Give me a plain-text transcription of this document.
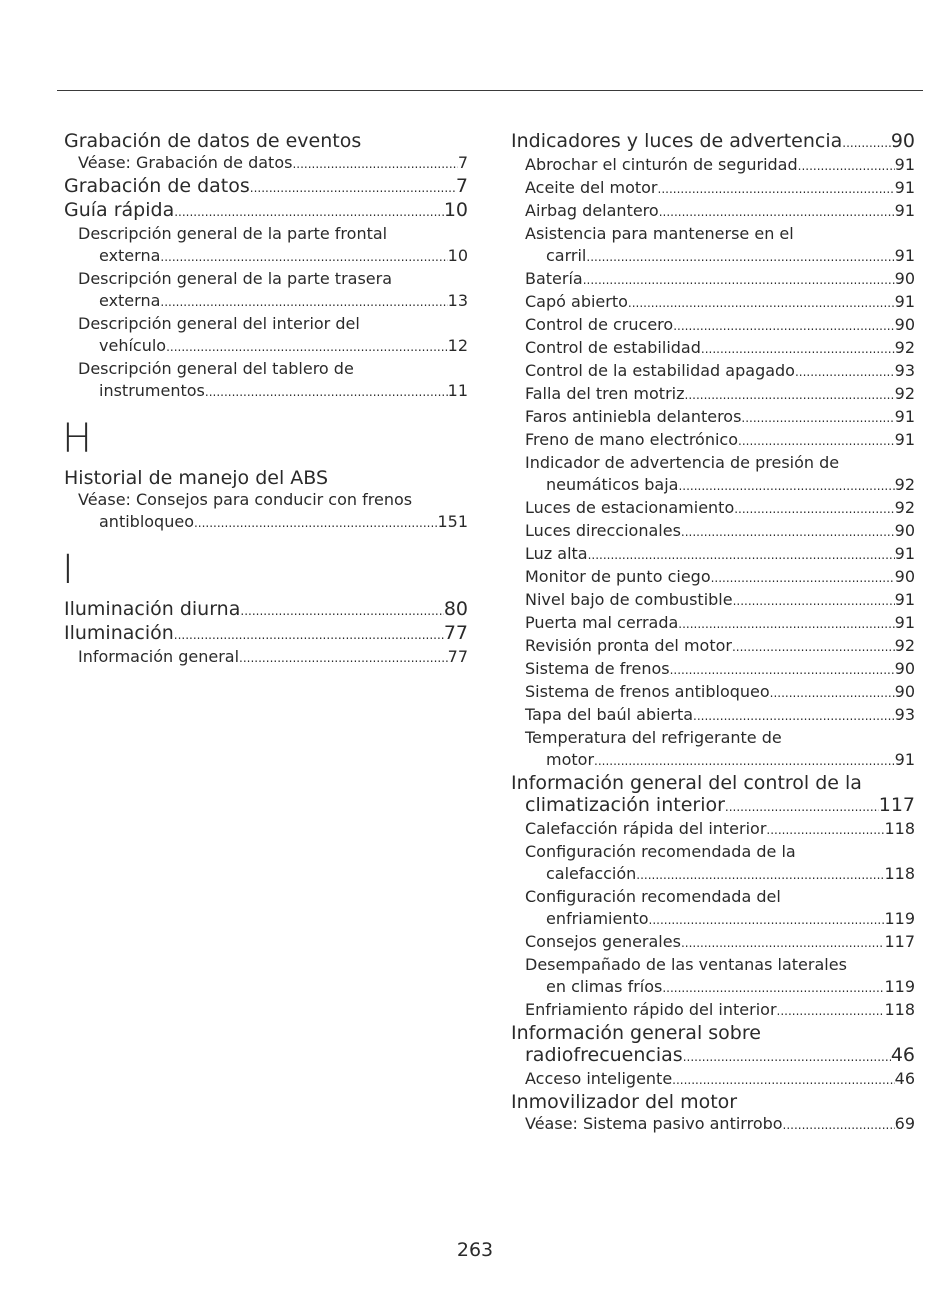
Grabación de datos de eventos
Véase: Grabación de datos .....	7
Grabación de datos .....	7
Guía rápida .....	10
Descripción general de la parte frontal
externa .....	10
Descripción general de la parte trasera
externa .....	13
Descripción general del interior del
vehículo .....	12
Descripción general del tablero de
instrumentos .....	11
H
Historial de manejo del ABS
Véase: Consejos para conducir con frenos
antibloqueo .....	151
I
Iluminación diurna .....	80
Iluminación .....	77
Información general .....	77
Indicadores y luces de advertencia .....	90
Abrochar el cinturón de seguridad .....	91
Aceite del motor .....	91
Airbag delantero .....	91
Asistencia para mantenerse en el
carril .....	91
Batería .....	90
Capó abierto .....	91
Control de crucero .....	90
Control de estabilidad .....	92
Control de la estabilidad apagado .....	93
Falla del tren motriz .....	92
Faros antiniebla delanteros .....	91
Freno de mano electrónico .....	91
Indicador de advertencia de presión de
neumáticos baja .....	92
Luces de estacionamiento .....	92
Luces direccionales .....	90
Luz alta .....	91
Monitor de punto ciego .....	90
Nivel bajo de combustible .....	91
Puerta mal cerrada .....	91
Revisión pronta del motor .....	92
Sistema de frenos .....	90
Sistema de frenos antibloqueo .....	90
Tapa del baúl abierta .....	93
Temperatura del refrigerante de
motor .....	91
Información general del control de la
climatización interior .....	117
Calefacción rápida del interior .....	118
Configuración recomendada de la
calefacción .....	118
Configuración recomendada del
enfriamiento .....	119
Consejos generales .....	117
Desempañado de las ventanas laterales
en climas fríos .....	119
Enfriamiento rápido del interior .....	118
Información general sobre
radiofrecuencias .....	46
Acceso inteligente .....	46
Inmovilizador del motor
Véase: Sistema pasivo antirrobo .....	69
263
